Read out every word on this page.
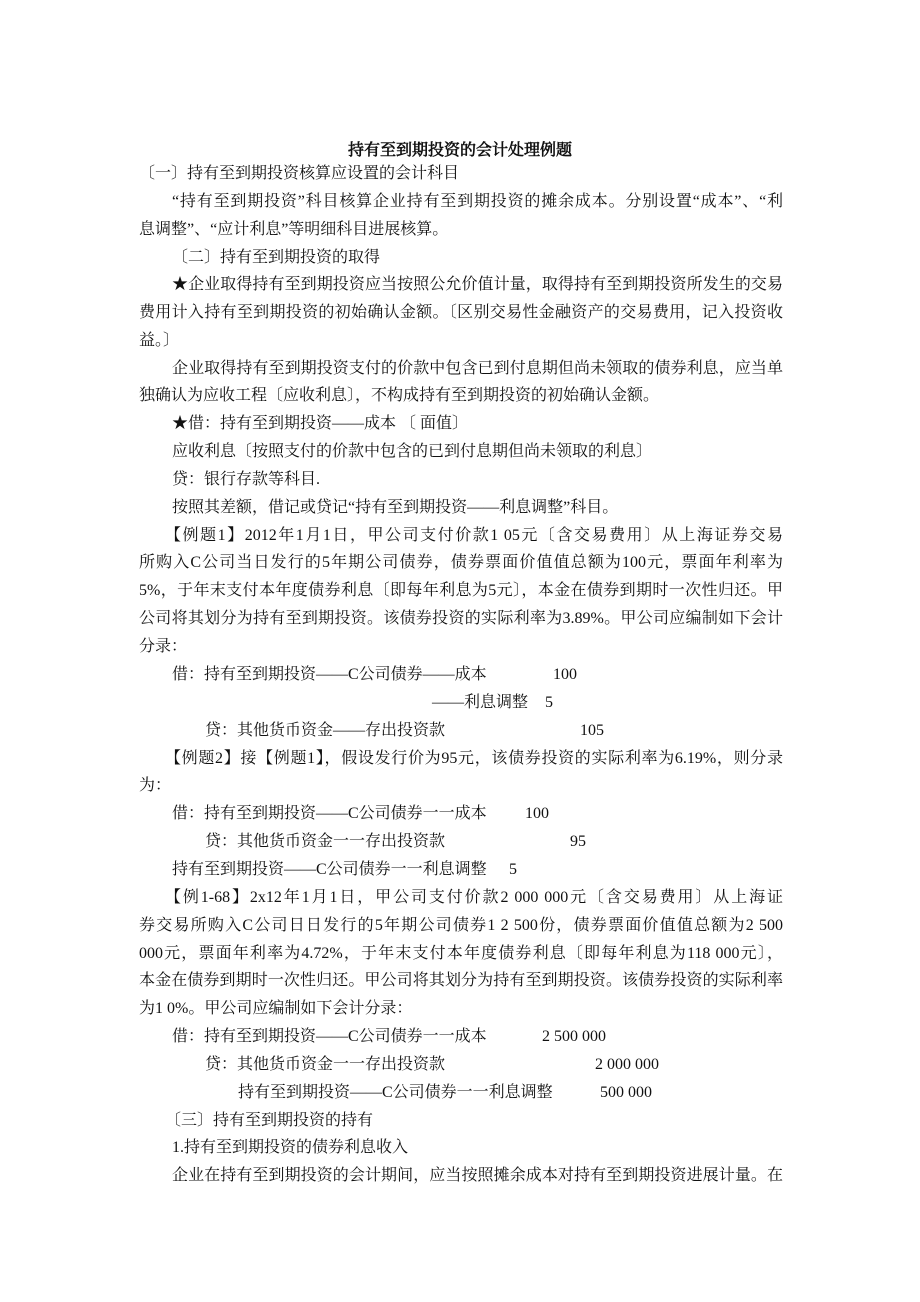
持有至到期投资的会计处理例题
〔一〕持有至到期投资核算应设置的会计科目
“持有至到期投资”科目核算企业持有至到期投资的摊余成本。分别设置“成本”、“利
息调整”、“应计利息”等明细科目进展核算。
〔二〕持有至到期投资的取得
★企业取得持有至到期投资应当按照公允价值计量，取得持有至到期投资所发生的交易
费用计入持有至到期投资的初始确认金额。〔区别交易性金融资产的交易费用，记入投资收
益。〕
企业取得持有至到期投资支付的价款中包含已到付息期但尚未领取的债券利息，应当单
独确认为应收工程〔应收利息〕，不构成持有至到期投资的初始确认金额。
★借：持有至到期投资——成本 〔 面值〕
应收利息〔按照支付的价款中包含的已到付息期但尚未领取的利息〕
贷：银行存款等科目.
按照其差额，借记或贷记“持有至到期投资——利息调整”科目。
【例题1】2012年1月1日，甲公司支付价款1 05元〔含交易费用〕从上海证券交易
所购入C公司当日发行的5年期公司债券，债券票面价值值总额为100元，票面年利率为
5%，于年末支付本年度债券利息〔即每年利息为5元〕，本金在债券到期时一次性归还。甲
公司将其划分为持有至到期投资。该债券投资的实际利率为3.89%。甲公司应编制如下会计
分录：
借：持有至到期投资——C公司债券——成本	100
——利息调整 5
贷：其他货币资金——存出投资款	105
【例题2】接【例题1】，假设发行价为95元，该债券投资的实际利率为6.19%，则分录
为：
借：持有至到期投资——C公司债券一一成本 100
贷：其他货币资金一一存出投资款	95
持有至到期投资——C公司债券一一利息调整 5
【例1-68】2x12年1月1日，甲公司支付价款2 000 000元〔含交易费用〕从上海证
券交易所购入C公司日日发行的5年期公司债券1 2 500份，债券票面价值值总额为2 500
000元，票面年利率为4.72%，于年末支付本年度债券利息〔即每年利息为118 000元〕，
本金在债券到期时一次性归还。甲公司将其划分为持有至到期投资。该债券投资的实际利率
为1 0%。甲公司应编制如下会计分录：
借：持有至到期投资——C公司债券一一成本	2 500 000
贷：其他货币资金一一存出投资款	2 000 000
持有至到期投资——C公司债券一一利息调整	500 000
〔三〕持有至到期投资的持有
1.持有至到期投资的债券利息收入
企业在持有至到期投资的会计期间，应当按照摊余成本对持有至到期投资进展计量。在
